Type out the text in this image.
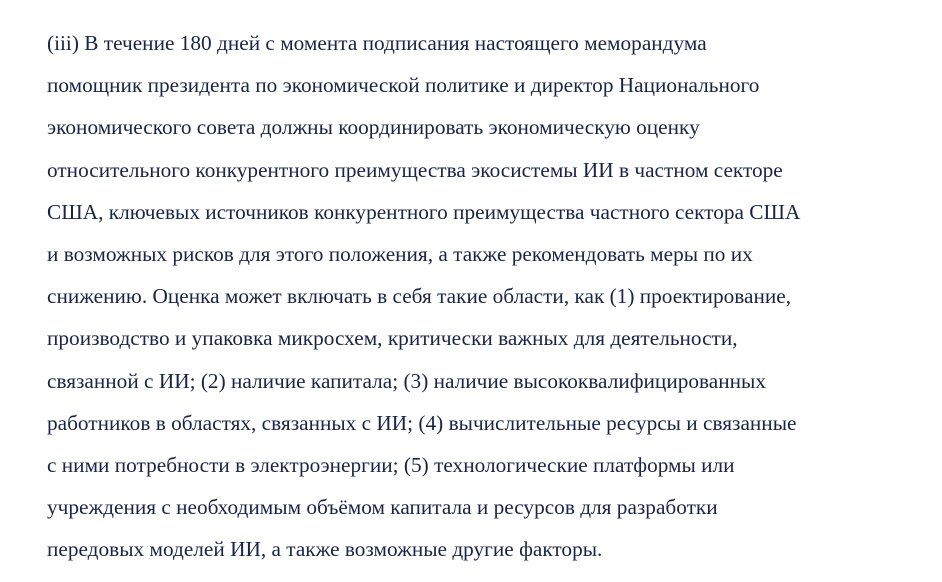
(iii) В течение 180 дней с момента подписания настоящего меморандума
помощник президента по экономической политике и директор Национального
экономического совета должны координировать экономическую оценку
относительного конкурентного преимущества экосистемы ИИ в частном секторе
США, ключевых источников конкурентного преимущества частного сектора США
и возможных рисков для этого положения, а также рекомендовать меры по их
снижению. Оценка может включать в себя такие области, как (1) проектирование,
производство и упаковка микросхем, критически важных для деятельности,
связанной с ИИ; (2) наличие капитала; (3) наличие высококвалифицированных
работников в областях, связанных с ИИ; (4) вычислительные ресурсы и связанные
с ними потребности в электроэнергии; (5) технологические платформы или
учреждения с необходимым объёмом капитала и ресурсов для разработки
передовых моделей ИИ, а также возможные другие факторы.
